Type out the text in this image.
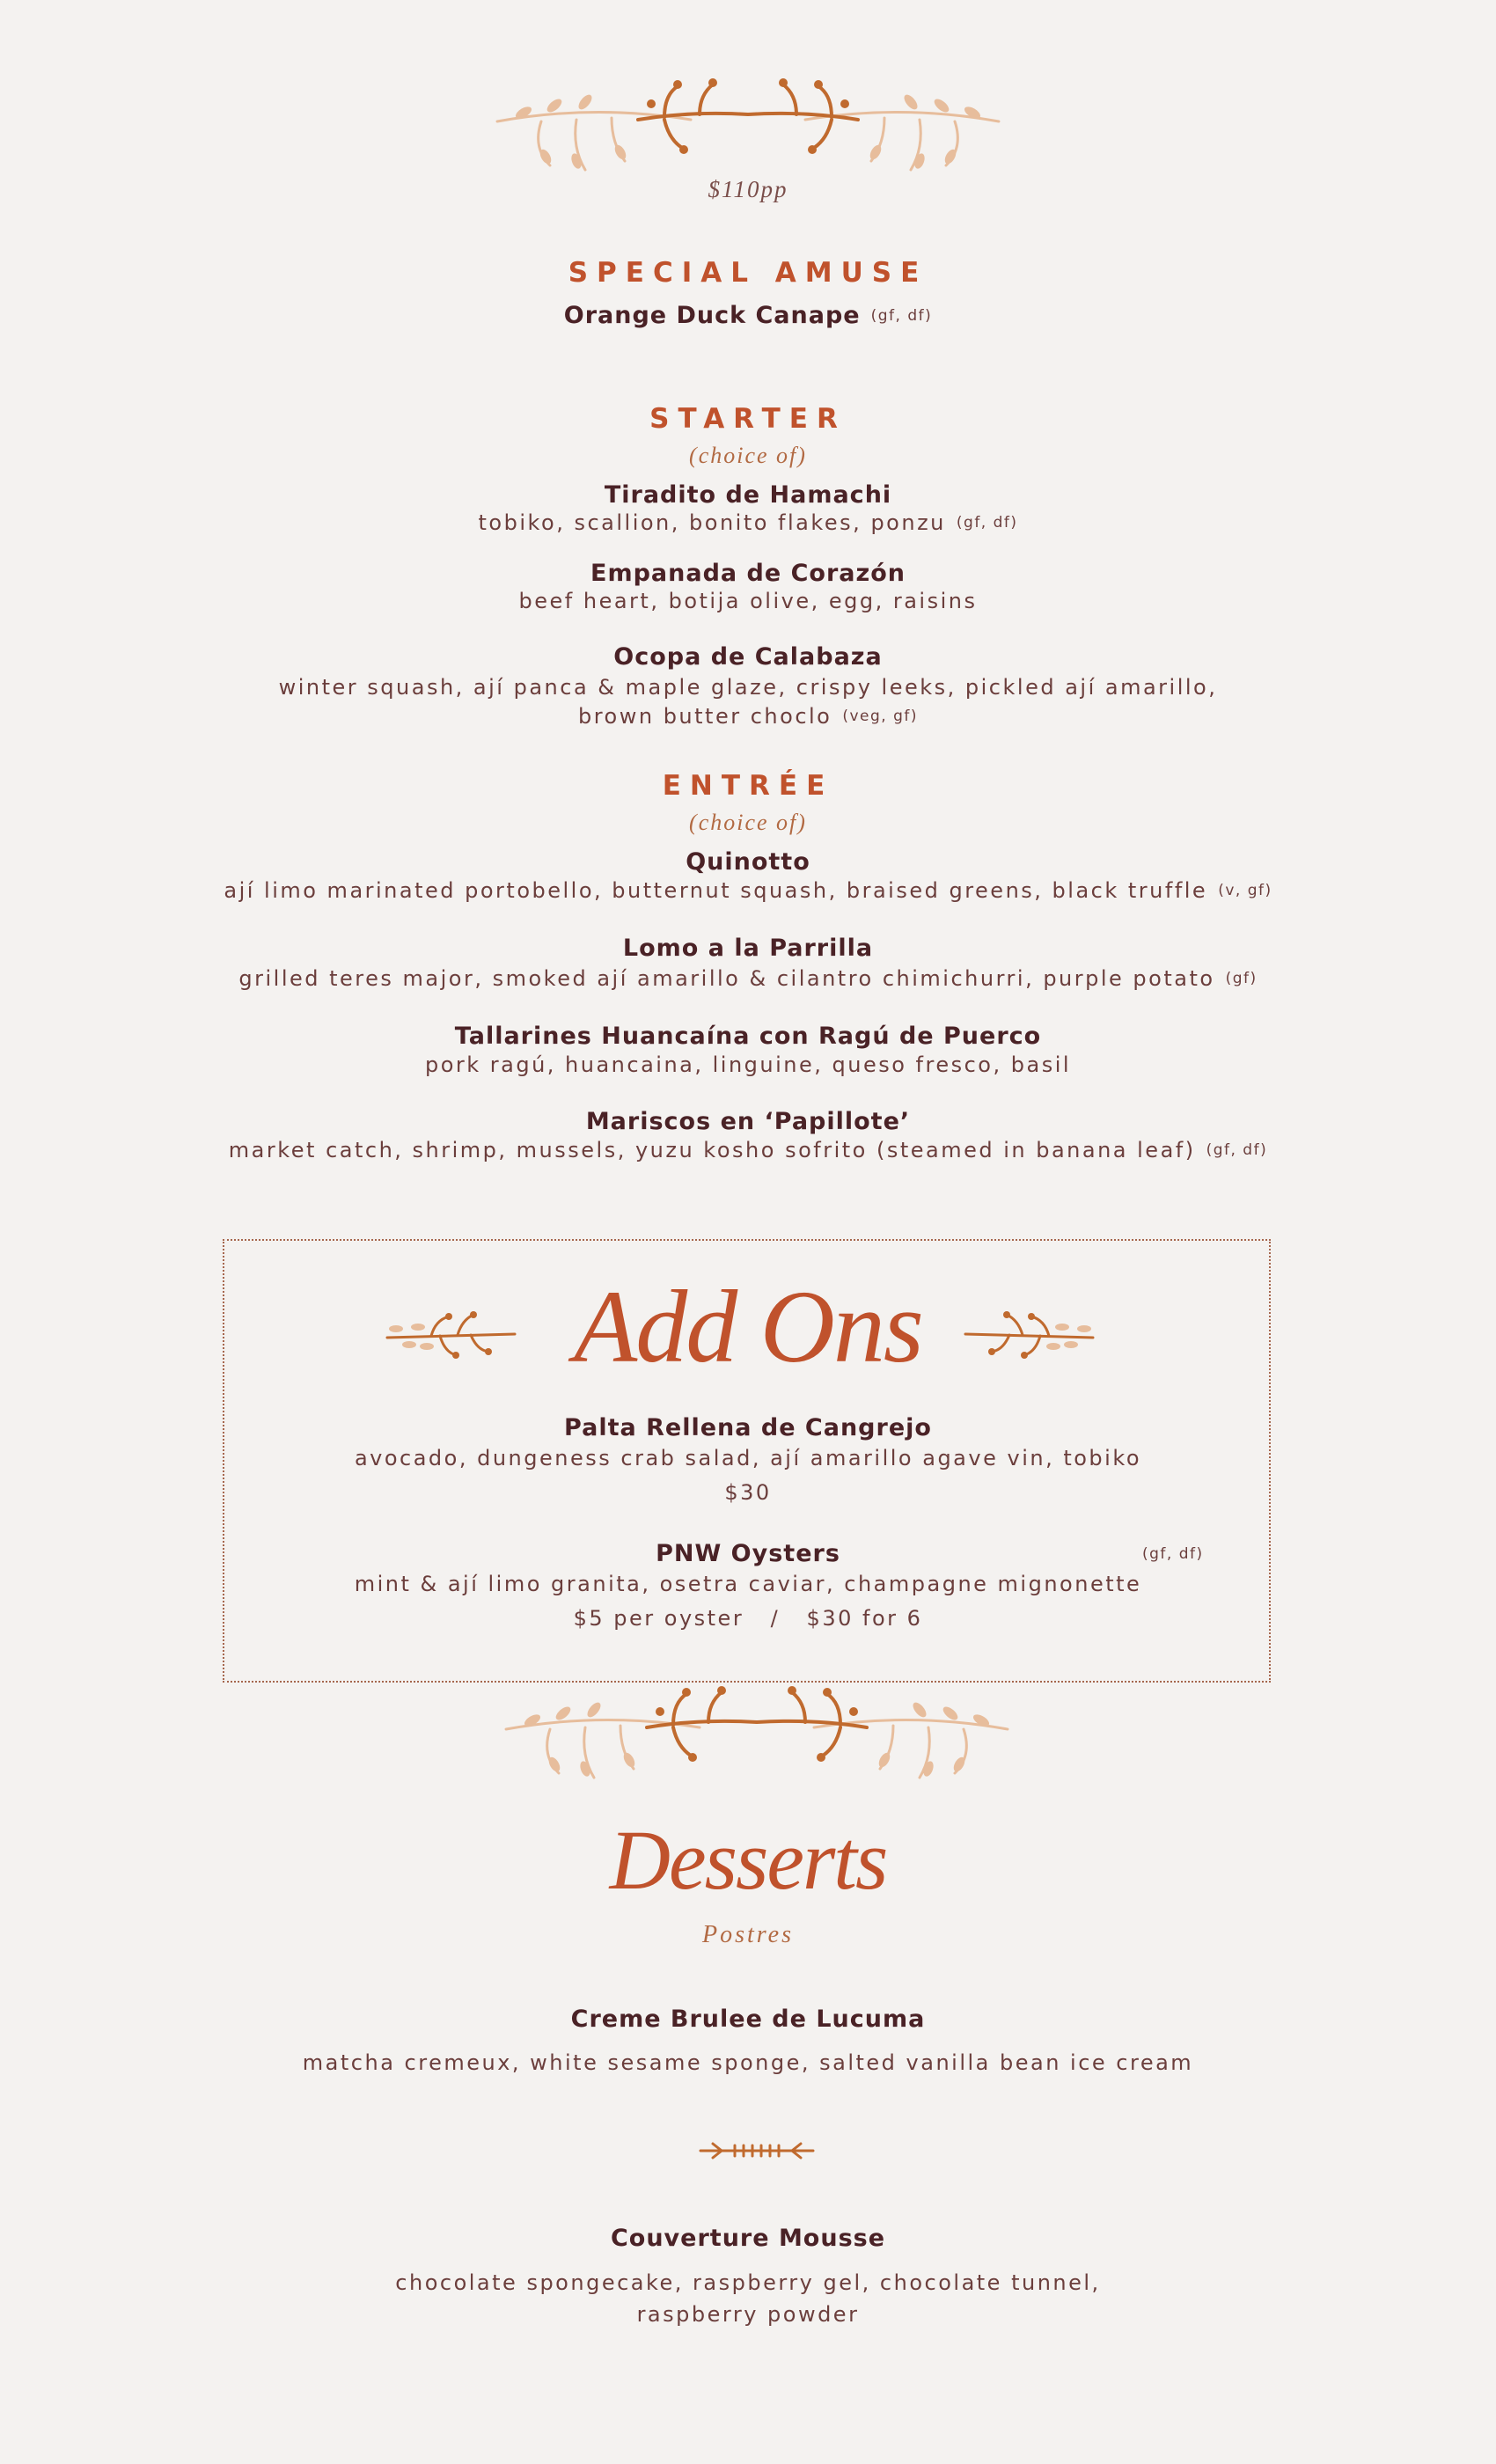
$110pp
SPECIAL AMUSE
Orange Duck Canape (gf, df)
STARTER
(choice of)
Tiradito de Hamachi
tobiko, scallion, bonito flakes, ponzu (gf, df)
Empanada de Corazón
beef heart, botija olive, egg, raisins
Ocopa de Calabaza
winter squash, ají panca & maple glaze, crispy leeks, pickled ají amarillo,
brown butter choclo (veg, gf)
ENTRÉE
(choice of)
Quinotto
ají limo marinated portobello, butternut squash, braised greens, black truffle (v, gf)
Lomo a la Parrilla
grilled teres major, smoked ají amarillo & cilantro chimichurri, purple potato (gf)
Tallarines Huancaína con Ragú de Puerco
pork ragú, huancaina, linguine, queso fresco, basil
Mariscos en ‘Papillote’
market catch, shrimp, mussels, yuzu kosho sofrito (steamed in banana leaf) (gf, df)
Add Ons
Palta Rellena de Cangrejo
avocado, dungeness crab salad, ají amarillo agave vin, tobiko
$30
PNW Oysters	(gf, df)
mint & ají limo granita, osetra caviar, champagne mignonette
$5 per oyster   /   $30 for 6
Desserts
Postres
Creme Brulee de Lucuma
matcha cremeux, white sesame sponge, salted vanilla bean ice cream
Couverture Mousse
chocolate spongecake, raspberry gel, chocolate tunnel,
raspberry powder
